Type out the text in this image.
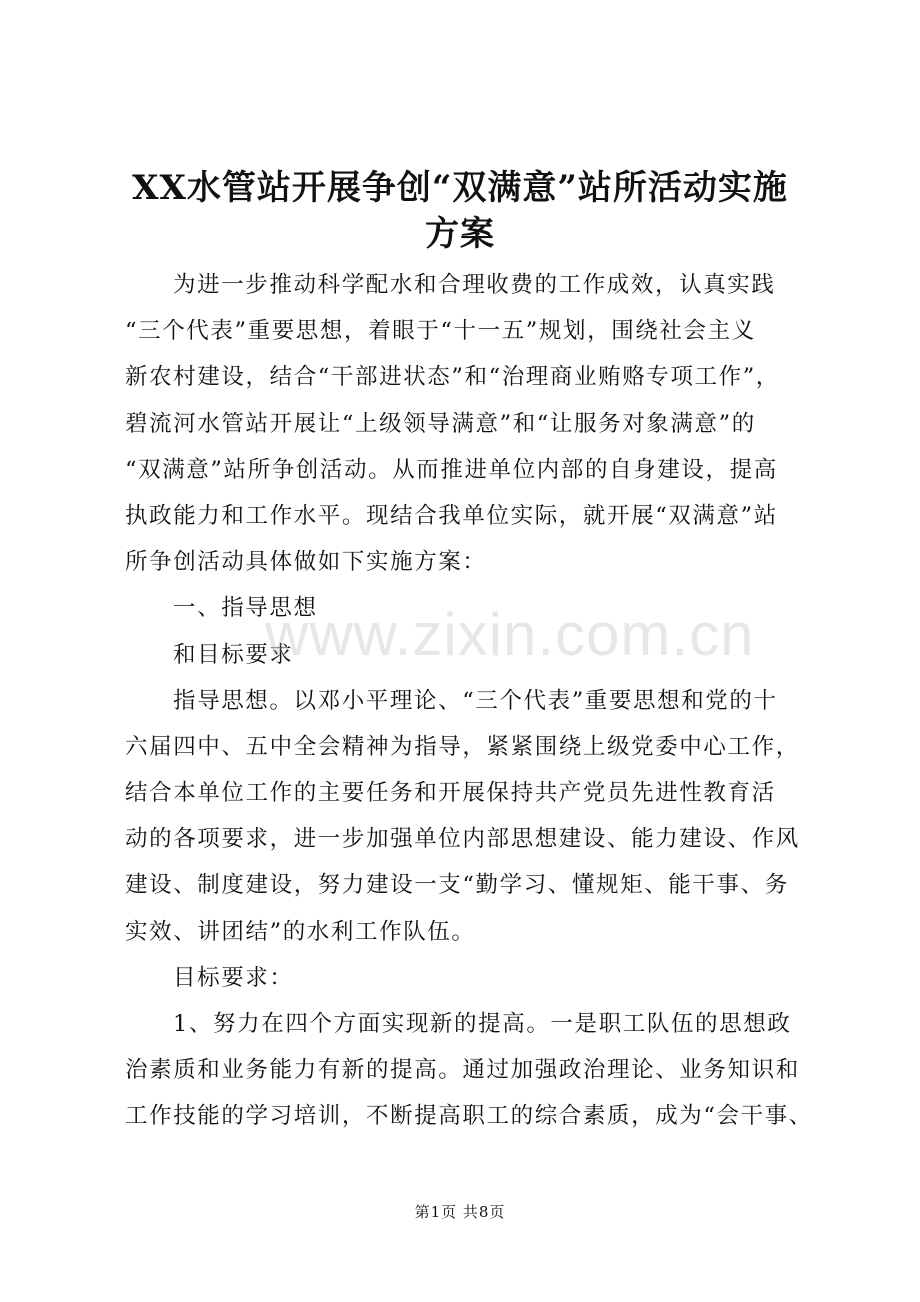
XX水管站开展争创“双满意”站所活动实施
方案
为进一步推动科学配水和合理收费的工作成效，认真实践
“三个代表”重要思想，着眼于“十一五”规划，围绕社会主义
新农村建设，结合“干部进状态”和“治理商业贿赂专项工作”，
碧流河水管站开展让“上级领导满意”和“让服务对象满意”的
“双满意”站所争创活动。从而推进单位内部的自身建设，提高
执政能力和工作水平。现结合我单位实际，就开展“双满意”站
所争创活动具体做如下实施方案：
一、指导思想
和目标要求
指导思想。以邓小平理论、“三个代表”重要思想和党的十
六届四中、五中全会精神为指导，紧紧围绕上级党委中心工作，
结合本单位工作的主要任务和开展保持共产党员先进性教育活
动的各项要求，进一步加强单位内部思想建设、能力建设、作风
建设、制度建设，努力建设一支“勤学习、懂规矩、能干事、务
实效、讲团结”的水利工作队伍。
目标要求：
1、努力在四个方面实现新的提高。一是职工队伍的思想政
治素质和业务能力有新的提高。通过加强政治理论、业务知识和
工作技能的学习培训，不断提高职工的综合素质，成为“会干事、
www.zixin.com.cn
第1页 共8页
